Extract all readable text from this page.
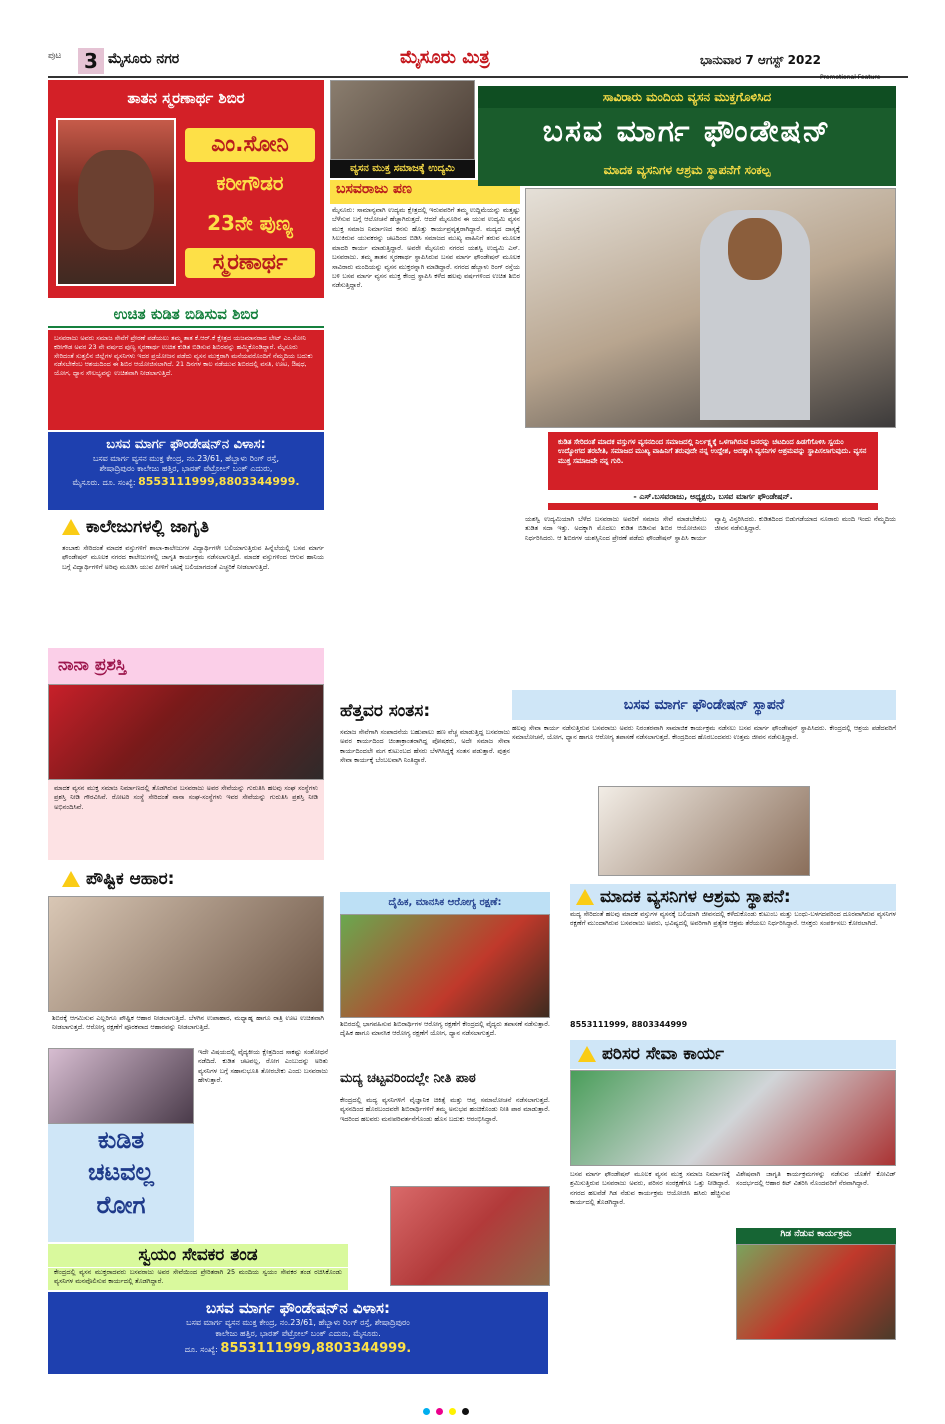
ಪುಟ	3 ಮೈಸೂರು ನಗರ	ಮೈಸೂರು ಮಿತ್ರ	ಭಾನುವಾರ 7 ಆಗಸ್ಟ್ 2022
Promotional Feature
ತಾತನ ಸ್ಮರಣಾರ್ಥ ಶಿಬಿರ
ಎಂ.ಸೋನಿ
ಕರೀಗೌಡರ
23ನೇ ಪುಣ್ಯ
ಸ್ಮರಣಾರ್ಥ
ಉಚಿತ ಕುಡಿತ ಬಿಡಿಸುವ ಶಿಬಿರ
ಬಸವರಾಜು ಅವರು ಸಮಾಜ ಸೇವೆಗೆ ಪ್ರೇರಣೆ ಪಡೆಯಲು ತಮ್ಮ ತಾತ ಕೆ.ಆರ್.ಕೆ ಕ್ಷೇತ್ರದ ಯಜಮಾನರಾದ ಲೇಟ್ ಎಂ.ಸೋನಿ ಕರೀಗೌಡ ಅವರ 23 ನೇ ವರ್ಷದ ಪುಣ್ಯ ಸ್ಮರಣಾರ್ಥ ಉಚಿತ ಕುಡಿತ ಬಿಡಿಸುವ ಶಿಬಿರವನ್ನು ಹಮ್ಮಿಕೊಂಡಿದ್ದಾರೆ. ಮೈಸೂರು ಸೇರಿದಂತೆ ಸುತ್ತಲಿನ ಜಿಲ್ಲೆಗಳ ವ್ಯಸನಿಗಳು ಇದರ ಪ್ರಯೋಜನ ಪಡೆದು ವ್ಯಸನ ಮುಕ್ತರಾಗಿ ಮನೆಯವರೊಂದಿಗೆ ನೆಮ್ಮದಿಯ ಬದುಕು ನಡೆಸಬೇಕೆಂಬ ಆಶಯದಿಂದ ಈ ಶಿಬಿರ ಆಯೋಜಿಸಲಾಗಿದೆ. 21 ದಿನಗಳ ಕಾಲ ನಡೆಯುವ ಶಿಬಿರದಲ್ಲಿ ವಸತಿ, ಊಟ, ಔಷಧ, ಯೋಗ, ಧ್ಯಾನ ಸೌಲಭ್ಯವನ್ನು ಉಚಿತವಾಗಿ ನೀಡಲಾಗುತ್ತಿದೆ.
ಬಸವ ಮಾರ್ಗ ಫೌಂಡೇಷನ್‌ನ ವಿಳಾಸ:
ಬಸವ ಮಾರ್ಗ ವ್ಯಸನ ಮುಕ್ತ ಕೇಂದ್ರ, ನಂ.23/61, ಹೆಬ್ಬಾಳು ರಿಂಗ್ ರಸ್ತೆ,
ಶೇಷಾದ್ರಿಪುರಂ ಕಾಲೇಜು ಹತ್ತಿರ, ಭಾರತ್ ಪೆಟ್ರೋಲ್ ಬಂಕ್ ಎದುರು,
ಮೈಸೂರು. ದೂ. ಸಂಖ್ಯೆ: 8553111999,8803344999.
ವ್ಯಸನ ಮುಕ್ತ ಸಮಾಜಕ್ಕೆ ಉದ್ಯಮಿ
ಬಸವರಾಜು ಪಣ
ಸಾವಿರಾರು ಮಂದಿಯ ವ್ಯಸನ ಮುಕ್ತಗೊಳಿಸಿದ
ಬಸವ ಮಾರ್ಗ ಫೌಂಡೇಷನ್
ಮಾದಕ ವ್ಯಸನಿಗಳ ಆಶ್ರಮ ಸ್ಥಾಪನೆಗೆ ಸಂಕಲ್ಪ
ಮೈಸೂರು: ಸಾಮಾನ್ಯವಾಗಿ ಉದ್ಯಮ ಕ್ಷೇತ್ರದಲ್ಲಿ ಇರುವವರಿಗೆ ತಮ್ಮ ಉದ್ದಿಮೆಯನ್ನು ಮತ್ತಷ್ಟು ಬೆಳೆಸುವ ಬಗ್ಗೆ ಆಲೋಚನೆ ಹೆಚ್ಚಾಗಿರುತ್ತದೆ. ಆದರೆ ಮೈಸೂರಿನ ಈ ಯುವ ಉದ್ಯಮಿ ವ್ಯಸನ ಮುಕ್ತ ಸಮಾಜ ನಿರ್ಮಾಣದ ಕನಸು ಹೊತ್ತು ಕಾರ್ಯಪ್ರವೃತ್ತರಾಗಿದ್ದಾರೆ. ಮದ್ಯದ ದಾಸ್ಯಕ್ಕೆ ಸಿಲುಕಿರುವ ಯುವಕರನ್ನು ಚಟದಿಂದ ಬಿಡಿಸಿ ಸಮಾಜದ ಮುಖ್ಯ ವಾಹಿನಿಗೆ ತರುವ ಮೂಲಕ ಮಾದರಿ ಕಾರ್ಯ ಮಾಡುತ್ತಿದ್ದಾರೆ. ಅವರೇ ಮೈಸೂರು ನಗರದ ಯಶಸ್ವಿ ಉದ್ಯಮಿ ಎಸ್. ಬಸವರಾಜು. ತಮ್ಮ ತಾತನ ಸ್ಮರಣಾರ್ಥ ಸ್ಥಾಪಿಸಿರುವ ಬಸವ ಮಾರ್ಗ ಫೌಂಡೇಷನ್ ಮೂಲಕ ಸಾವಿರಾರು ಮಂದಿಯನ್ನು ವ್ಯಸನ ಮುಕ್ತರನ್ನಾಗಿ ಮಾಡಿದ್ದಾರೆ. ನಗರದ ಹೆಬ್ಬಾಳು ರಿಂಗ್ ರಸ್ತೆಯ ಬಳಿ ಬಸವ ಮಾರ್ಗ ವ್ಯಸನ ಮುಕ್ತ ಕೇಂದ್ರ ಸ್ಥಾಪಿಸಿ ಕಳೆದ ಹಲವು ವರ್ಷಗಳಿಂದ ಉಚಿತ ಶಿಬಿರ ನಡೆಸುತ್ತಿದ್ದಾರೆ.
ಕುಡಿತ ಸೇರಿದಂತೆ ಮಾದಕ ವಸ್ತುಗಳ ವ್ಯಸನದಿಂದ ಸಮಾಜದಲ್ಲಿ ನಿರ್ಲಕ್ಷ್ಯಕ್ಕೆ ಒಳಗಾಗಿರುವ ಜನರನ್ನು ಚಟದಿಂದ ಹಿಡಗೆಗೊಳಿಸಿ ಸ್ವಯಂ ಉದ್ಯೋಗದ ತರಬೇತಿ, ಸಮಾಜದ ಮುಖ್ಯ ವಾಹಿನಿಗೆ ತರುವುದೇ ನನ್ನ ಉದ್ದೇಶ, ಅದಕ್ಕಾಗಿ ವ್ಯಸನಿಗಳ ಆಶ್ರಮವನ್ನು ಸ್ಥಾಪಿಸಲಾಗುವುದು. ವ್ಯಸನ ಮುಕ್ತ ಸಮಾಜವೇ ನನ್ನ ಗುರಿ.
- ಎಸ್.ಬಸವರಾಜು, ಅಧ್ಯಕ್ಷರು, ಬಸವ ಮಾರ್ಗ ಫೌಂಡೇಷನ್.
ಯಶಸ್ವಿ ಉದ್ಯಮಿಯಾಗಿ ಬೆಳೆದ ಬಸವರಾಜು ಅವರಿಗೆ ಸಮಾಜ ಸೇವೆ ಮಾಡಬೇಕೆಂಬ ತುಡಿತ ಸದಾ ಇತ್ತು. ಅದಕ್ಕಾಗಿ ಮೊದಲು ಕುಡಿತ ಬಿಡಿಸುವ ಶಿಬಿರ ಆಯೋಜಿಸಲು ನಿರ್ಧರಿಸಿದರು. ಆ ಶಿಬಿರಗಳ ಯಶಸ್ಸಿನಿಂದ ಪ್ರೇರಣೆ ಪಡೆದು ಫೌಂಡೇಷನ್ ಸ್ಥಾಪಿಸಿ ಕಾರ್ಯ ವ್ಯಾಪ್ತಿ ವಿಸ್ತರಿಸಿದರು. ಕುಡಿತದಿಂದ ಬಿಡುಗಡೆಯಾದ ನೂರಾರು ಮಂದಿ ಇಂದು ನೆಮ್ಮದಿಯ ಜೀವನ ನಡೆಸುತ್ತಿದ್ದಾರೆ.
ಕಾಲೇಜುಗಳಲ್ಲಿ ಜಾಗೃತಿ
ತಂಬಾಕು ಸೇರಿದಂತೆ ಮಾದಕ ವಸ್ತುಗಳಿಗೆ ಶಾಲಾ-ಕಾಲೇಜುಗಳ ವಿದ್ಯಾರ್ಥಿಗಳೇ ಬಲಿಯಾಗುತ್ತಿರುವ ಹಿನ್ನೆಲೆಯಲ್ಲಿ ಬಸವ ಮಾರ್ಗ ಫೌಂಡೇಷನ್ ಮೂಲಕ ನಗರದ ಕಾಲೇಜುಗಳಲ್ಲಿ ಜಾಗೃತಿ ಕಾರ್ಯಕ್ರಮ ನಡೆಸಲಾಗುತ್ತಿದೆ. ಮಾದಕ ವಸ್ತುಗಳಿಂದ ಆಗುವ ಹಾನಿಯ ಬಗ್ಗೆ ವಿದ್ಯಾರ್ಥಿಗಳಿಗೆ ಅರಿವು ಮೂಡಿಸಿ ಯುವ ಪೀಳಿಗೆ ಚಟಕ್ಕೆ ಬಲಿಯಾಗದಂತೆ ಎಚ್ಚರಿಕೆ ನೀಡಲಾಗುತ್ತಿದೆ.
ನಾನಾ ಪ್ರಶಸ್ತಿ
ಮಾದಕ ವ್ಯಸನ ಮುಕ್ತ ಸಮಾಜ ನಿರ್ಮಾಣದಲ್ಲಿ ತೊಡಗಿರುವ ಬಸವರಾಜು ಅವರ ಸೇವೆಯನ್ನು ಗುರುತಿಸಿ ಹಲವು ಸಂಘ ಸಂಸ್ಥೆಗಳು ಪ್ರಶಸ್ತಿ ನೀಡಿ ಗೌರವಿಸಿವೆ. ರೋಟರಿ ಸಂಸ್ಥೆ ಸೇರಿದಂತೆ ನಾನಾ ಸಂಘ-ಸಂಸ್ಥೆಗಳು ಇವರ ಸೇವೆಯನ್ನು ಗುರುತಿಸಿ ಪ್ರಶಸ್ತಿ ನೀಡಿ ಅಭಿನಂದಿಸಿವೆ.
ಹೆತ್ತವರ ಸಂತಸ:
ಸಮಾಜ ಸೇವೆಗಾಗಿ ಸಂಪಾದನೆಯ ಬಹುಪಾಲು ಹಣ ವೆಚ್ಚ ಮಾಡುತ್ತಿದ್ದ ಬಸವರಾಜು ಅವರ ಕಾರ್ಯದಿಂದ ಚಿಂತಾಕ್ರಾಂತರಾಗಿದ್ದ ಪೋಷಕರು, ಅದೇ ಸಮಾಜ ಸೇವಾ ಕಾರ್ಯದಿಂದಲೇ ಮಗ ಕುಟುಂಬದ ಹೆಸರು ಬೆಳಗಿಸಿದ್ದಕ್ಕೆ ಸಂತಸ ಪಡುತ್ತಾರೆ. ಪುತ್ರನ ಸೇವಾ ಕಾರ್ಯಕ್ಕೆ ಬೆಂಬಲವಾಗಿ ನಿಂತಿದ್ದಾರೆ.
ಬಸವ ಮಾರ್ಗ ಫೌಂಡೇಷನ್ ಸ್ಥಾಪನೆ
ಹಲವು ಸೇವಾ ಕಾರ್ಯ ನಡೆಸುತ್ತಿರುವ ಬಸವರಾಜು ಅವರು ನಿರಂತರವಾಗಿ ಸಾಮಾಜಿಕ ಕಾರ್ಯಕ್ರಮ ನಡೆಸಲು ಬಸವ ಮಾರ್ಗ ಫೌಂಡೇಷನ್ ಸ್ಥಾಪಿಸಿದರು. ಕೇಂದ್ರದಲ್ಲಿ ಆಶ್ರಯ ಪಡೆದವರಿಗೆ ಸಮಾಲೋಚನೆ, ಯೋಗ, ಧ್ಯಾನ ಹಾಗೂ ಆರೋಗ್ಯ ತಪಾಸಣೆ ನಡೆಸಲಾಗುತ್ತದೆ. ಕೇಂದ್ರದಿಂದ ಹೊರಬಂದವರು ಉತ್ತಮ ಜೀವನ ನಡೆಸುತ್ತಿದ್ದಾರೆ.
ಪೌಷ್ಟಿಕ ಆಹಾರ:
ಶಿಬಿರಕ್ಕೆ ಆಗಮಿಸುವ ಎಲ್ಲರಿಗೂ ಪೌಷ್ಟಿಕ ಆಹಾರ ನೀಡಲಾಗುತ್ತಿದೆ. ಬೆಳಗಿನ ಉಪಾಹಾರ, ಮಧ್ಯಾಹ್ನ ಹಾಗೂ ರಾತ್ರಿ ಊಟ ಉಚಿತವಾಗಿ ನೀಡಲಾಗುತ್ತದೆ. ಆರೋಗ್ಯ ರಕ್ಷಣೆಗೆ ಪೂರಕವಾದ ಆಹಾರವನ್ನು ನೀಡಲಾಗುತ್ತಿದೆ.
ದೈಹಿಕ, ಮಾನಸಿಕ ಆರೋಗ್ಯ ರಕ್ಷಣೆ:
ಶಿಬಿರದಲ್ಲಿ ಭಾಗವಹಿಸುವ ಶಿಬಿರಾರ್ಥಿಗಳ ಆರೋಗ್ಯ ರಕ್ಷಣೆಗೆ ಕೇಂದ್ರದಲ್ಲಿ ವೈದ್ಯರು ತಪಾಸಣೆ ನಡೆಸುತ್ತಾರೆ. ದೈಹಿಕ ಹಾಗೂ ಮಾನಸಿಕ ಆರೋಗ್ಯ ರಕ್ಷಣೆಗೆ ಯೋಗ, ಧ್ಯಾನ ನಡೆಸಲಾಗುತ್ತದೆ.
ಮಾದಕ ವ್ಯಸನಿಗಳ ಆಶ್ರಮ ಸ್ಥಾಪನೆ:
ಮದ್ಯ ಸೇರಿದಂತೆ ಹಲವು ಮಾದಕ ವಸ್ತುಗಳ ವ್ಯಸನಕ್ಕೆ ಬಲಿಯಾಗಿ ಜೀವನದಲ್ಲಿ ಕಳೆದುಕೊಂಡು ಕುಟುಂಬ ಮತ್ತು ಬಂಧು-ಬಳಗದವರಿಂದ ದೂರವಾಗಿರುವ ವ್ಯಸನಿಗಳ ರಕ್ಷಣೆಗೆ ಮುಂದಾಗಿರುವ ಬಸವರಾಜು ಅವರು, ಭವಿಷ್ಯದಲ್ಲಿ ಅವರಿಗಾಗಿ ಪ್ರತ್ಯೇಕ ಆಶ್ರಮ ತೆರೆಯಲು ನಿರ್ಧರಿಸಿದ್ದಾರೆ. ಆಸಕ್ತರು ಸಂಪರ್ಕಿಸಲು ಕೋರಲಾಗಿದೆ.
8553111999, 8803344999
ಕುಡಿತ
ಚಟವಲ್ಲ
ರೋಗ
ಇದೇ ವಿಷಯದಲ್ಲಿ ವೈದ್ಯಕೀಯ ಕ್ಷೇತ್ರದಿಂದ ಸಾಕಷ್ಟು ಸಂಶೋಧನೆ ನಡೆದಿದೆ. ಕುಡಿತ ಚಟವಲ್ಲ, ರೋಗ ಎಂಬುದನ್ನು ಅರಿತು ವ್ಯಸನಿಗಳ ಬಗ್ಗೆ ಸಹಾನುಭೂತಿ ತೋರಬೇಕು ಎಂದು ಬಸವರಾಜು ಹೇಳುತ್ತಾರೆ.
ಸ್ವಯಂ ಸೇವಕರ ತಂಡ
ಕೇಂದ್ರದಲ್ಲಿ ವ್ಯಸನ ಮುಕ್ತರಾದವರು ಬಸವರಾಜು ಅವರ ಸೇವೆಯಿಂದ ಪ್ರೇರಿತರಾಗಿ 25 ಮಂದಿಯ ಸ್ವಯಂ ಸೇವಕರ ತಂಡ ರಚಿಸಿಕೊಂಡು ವ್ಯಸನಿಗಳ ಮನವೊಲಿಸುವ ಕಾರ್ಯದಲ್ಲಿ ತೊಡಗಿದ್ದಾರೆ.
ಮದ್ಯ ಚಟ್ಟವರಿಂದಲ್ಲೇ ನೀತಿ ಪಾಠ
ಕೇಂದ್ರದಲ್ಲಿ ಮದ್ಯ ವ್ಯಸನಿಗಳಿಗೆ ವೈಜ್ಞಾನಿಕ ಚಿಕಿತ್ಸೆ ಮತ್ತು ಆಪ್ತ ಸಮಾಲೋಚನೆ ನಡೆಸಲಾಗುತ್ತದೆ. ವ್ಯಸನದಿಂದ ಹೊರಬಂದವರೇ ಶಿಬಿರಾರ್ಥಿಗಳಿಗೆ ತಮ್ಮ ಅನುಭವ ಹಂಚಿಕೊಂಡು ನೀತಿ ಪಾಠ ಮಾಡುತ್ತಾರೆ. ಇದರಿಂದ ಹಲವರು ಮನಃಪರಿವರ್ತನೆಗೊಂಡು ಹೊಸ ಬದುಕು ಆರಂಭಿಸಿದ್ದಾರೆ.
ಪರಿಸರ ಸೇವಾ ಕಾರ್ಯ
ಬಸವ ಮಾರ್ಗ ಫೌಂಡೇಷನ್ ಮೂಲಕ ವ್ಯಸನ ಮುಕ್ತ ಸಮಾಜ ನಿರ್ಮಾಣಕ್ಕೆ ಶ್ರಮಿಸುತ್ತಿರುವ ಬಸವರಾಜು ಅವರು, ಪರಿಸರ ಸಂರಕ್ಷಣೆಗೂ ಒತ್ತು ನೀಡಿದ್ದಾರೆ. ನಗರದ ಹಲವೆಡೆ ಗಿಡ ನೆಡುವ ಕಾರ್ಯಕ್ರಮ ಆಯೋಜಿಸಿ ಹಸಿರು ಹೆಚ್ಚಿಸುವ ಕಾರ್ಯದಲ್ಲಿ ತೊಡಗಿದ್ದಾರೆ.
ವಿಶೇಷವಾಗಿ ಜಾಗೃತಿ ಕಾರ್ಯಕ್ರಮಗಳನ್ನು ನಡೆಸುವ ಜೊತೆಗೆ ಕೋವಿಡ್ ಸಂದರ್ಭದಲ್ಲಿ ಆಹಾರ ಕಿಟ್ ವಿತರಿಸಿ ನೊಂದವರಿಗೆ ನೆರವಾಗಿದ್ದಾರೆ.
ಗಿಡ ನೆಡುವ ಕಾರ್ಯಕ್ರಮ
ಬಸವ ಮಾರ್ಗ ಫೌಂಡೇಷನ್‌ನ ವಿಳಾಸ:
ಬಸವ ಮಾರ್ಗ ವ್ಯಸನ ಮುಕ್ತ ಕೇಂದ್ರ, ನಂ.23/61, ಹೆಬ್ಬಾಳು ರಿಂಗ್ ರಸ್ತೆ, ಶೇಷಾದ್ರಿಪುರಂ
ಕಾಲೇಜು ಹತ್ತಿರ, ಭಾರತ್ ಪೆಟ್ರೋಲ್ ಬಂಕ್ ಎದುರು, ಮೈಸೂರು.
ದೂ. ಸಂಖ್ಯೆ: 8553111999,8803344999.
